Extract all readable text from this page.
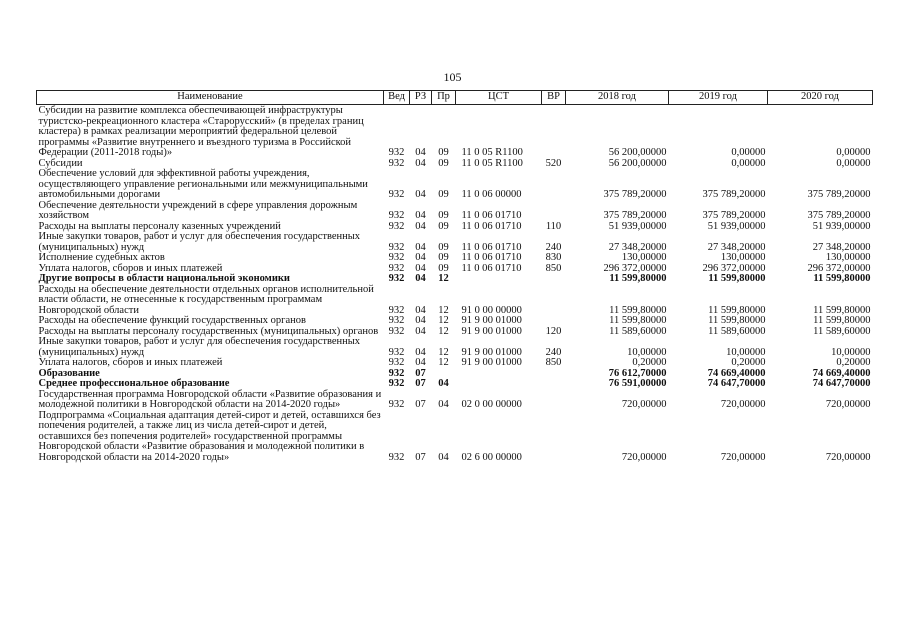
105
Наименование	Вед	РЗ	Пр	ЦСТ	ВР	2018 год	2019 год	2020 год
Субсидии на развитие комплекса обеспечивающей инфраструктуры туристско-рекреационного кластера «Старорусский» (в пределах границ кластера) в рамках реализации мероприятий федеральной целевой программы «Развитие внутреннего и въездного туризма в Российской Федерации (2011-2018 годы)»	932	04	09	11 0 05 R1100		56 200,00000	0,00000	0,00000
Субсидии	932	04	09	11 0 05 R1100	520	56 200,00000	0,00000	0,00000
Обеспечение условий для эффективной работы учреждения, осуществляющего управление региональными или межмуниципальными автомобильными дорогами	932	04	09	11 0 06 00000		375 789,20000	375 789,20000	375 789,20000
Обеспечение деятельности учреждений в сфере управления дорожным хозяйством	932	04	09	11 0 06 01710		375 789,20000	375 789,20000	375 789,20000
Расходы на выплаты персоналу казенных учреждений	932	04	09	11 0 06 01710	110	51 939,00000	51 939,00000	51 939,00000
Иные закупки товаров, работ и услуг для обеспечения государственных (муниципальных) нужд	932	04	09	11 0 06 01710	240	27 348,20000	27 348,20000	27 348,20000
Исполнение судебных актов	932	04	09	11 0 06 01710	830	130,00000	130,00000	130,00000
Уплата налогов, сборов и иных платежей	932	04	09	11 0 06 01710	850	296 372,00000	296 372,00000	296 372,00000
Другие вопросы в области национальной экономики	932	04	12			11 599,80000	11 599,80000	11 599,80000
Расходы на обеспечение деятельности отдельных органов исполнительной власти области, не отнесенные к государственным программам Новгородской области	932	04	12	91 0 00 00000		11 599,80000	11 599,80000	11 599,80000
Расходы на обеспечение функций государственных органов	932	04	12	91 9 00 01000		11 599,80000	11 599,80000	11 599,80000
Расходы на выплаты персоналу государственных (муниципальных) органов	932	04	12	91 9 00 01000	120	11 589,60000	11 589,60000	11 589,60000
Иные закупки товаров, работ и услуг для обеспечения государственных (муниципальных) нужд	932	04	12	91 9 00 01000	240	10,00000	10,00000	10,00000
Уплата налогов, сборов и иных платежей	932	04	12	91 9 00 01000	850	0,20000	0,20000	0,20000
Образование	932	07				76 612,70000	74 669,40000	74 669,40000
Среднее профессиональное образование	932	07	04			76 591,00000	74 647,70000	74 647,70000
Государственная программа Новгородской области «Развитие образования и молодежной политики в Новгородской области на 2014-2020 годы»	932	07	04	02 0 00 00000		720,00000	720,00000	720,00000
Подпрограмма «Социальная адаптация детей-сирот и детей, оставшихся без попечения родителей, а также лиц из числа детей-сирот и детей, оставшихся без попечения родителей» государственной программы Новгородской области «Развитие образования и молодежной политики в Новгородской области на 2014-2020 годы»	932	07	04	02 6 00 00000		720,00000	720,00000	720,00000
